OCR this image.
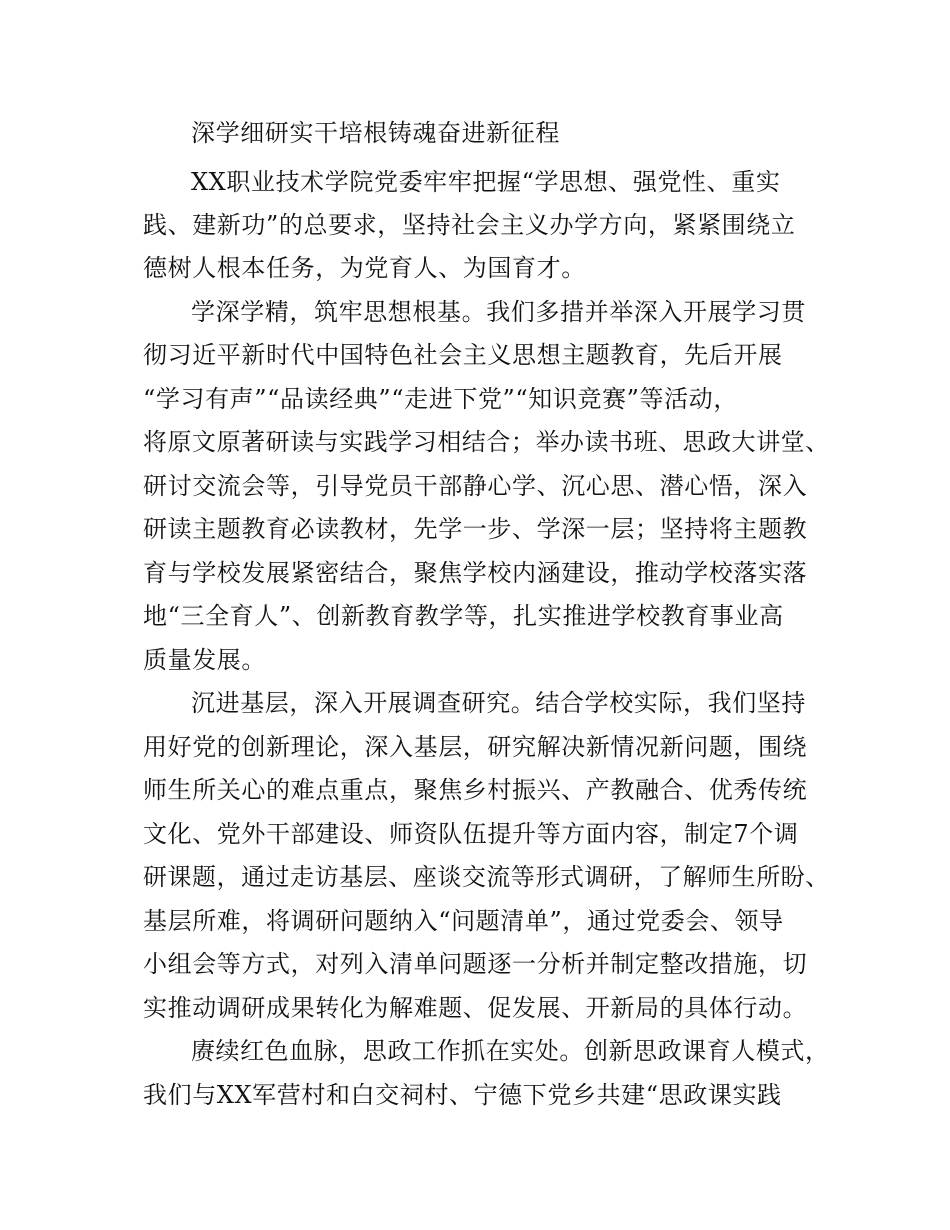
深学细研实干培根铸魂奋进新征程
XX职业技术学院党委牢牢把握“学思想、强党性、重实
践、建新功”的总要求，坚持社会主义办学方向，紧紧围绕立
德树人根本任务，为党育人、为国育才。
学深学精，筑牢思想根基。我们多措并举深入开展学习贯
彻习近平新时代中国特色社会主义思想主题教育，先后开展
“学习有声”“品读经典”“走进下党”“知识竞赛”等活动，
将原文原著研读与实践学习相结合；举办读书班、思政大讲堂、
研讨交流会等，引导党员干部静心学、沉心思、潜心悟，深入
研读主题教育必读教材，先学一步、学深一层；坚持将主题教
育与学校发展紧密结合，聚焦学校内涵建设，推动学校落实落
地“三全育人”、创新教育教学等，扎实推进学校教育事业高
质量发展。
沉进基层，深入开展调查研究。结合学校实际，我们坚持
用好党的创新理论，深入基层，研究解决新情况新问题，围绕
师生所关心的难点重点，聚焦乡村振兴、产教融合、优秀传统
文化、党外干部建设、师资队伍提升等方面内容，制定7个调
研课题，通过走访基层、座谈交流等形式调研，了解师生所盼、
基层所难，将调研问题纳入“问题清单”，通过党委会、领导
小组会等方式，对列入清单问题逐一分析并制定整改措施，切
实推动调研成果转化为解难题、促发展、开新局的具体行动。
赓续红色血脉，思政工作抓在实处。创新思政课育人模式，
我们与XX军营村和白交祠村、宁德下党乡共建“思政课实践
